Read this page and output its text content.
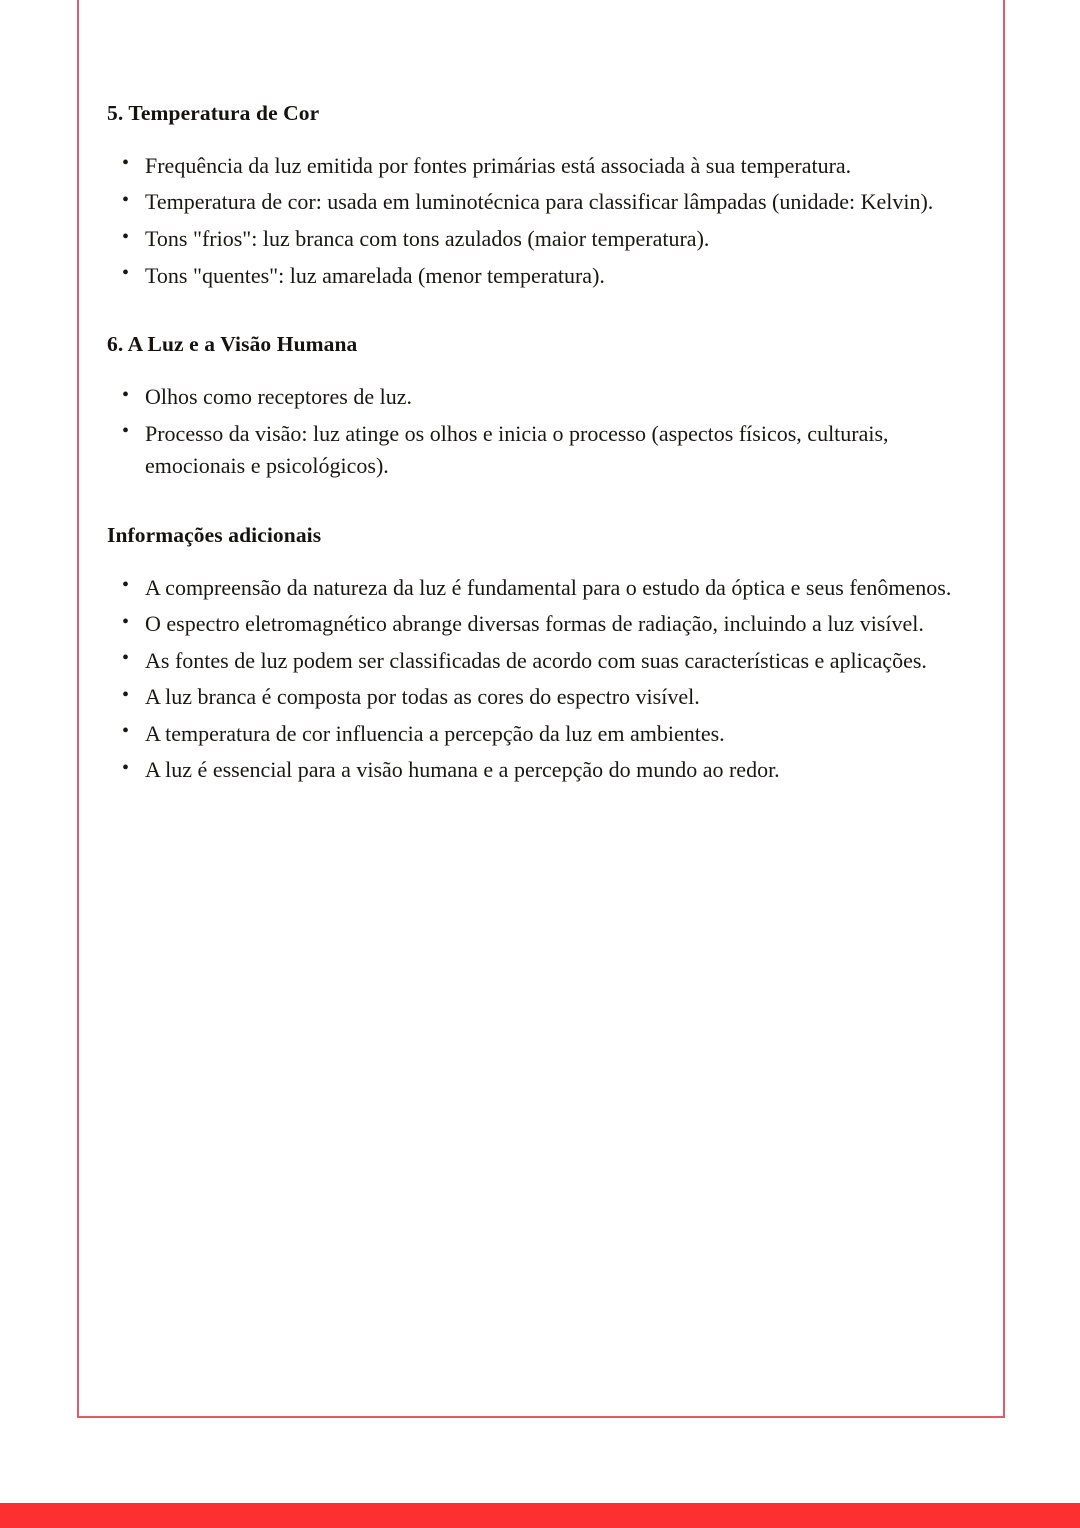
5. Temperatura de Cor
• Frequência da luz emitida por fontes primárias está associada à sua temperatura.
• Temperatura de cor: usada em luminotécnica para classificar lâmpadas (unidade: Kelvin).
• Tons "frios": luz branca com tons azulados (maior temperatura).
• Tons "quentes": luz amarelada (menor temperatura).
6. A Luz e a Visão Humana
• Olhos como receptores de luz.
• Processo da visão: luz atinge os olhos e inicia o processo (aspectos físicos, culturais, emocionais e psicológicos).
Informações adicionais
• A compreensão da natureza da luz é fundamental para o estudo da óptica e seus fenômenos.
• O espectro eletromagnético abrange diversas formas de radiação, incluindo a luz visível.
• As fontes de luz podem ser classificadas de acordo com suas características e aplicações.
• A luz branca é composta por todas as cores do espectro visível.
• A temperatura de cor influencia a percepção da luz em ambientes.
• A luz é essencial para a visão humana e a percepção do mundo ao redor.
